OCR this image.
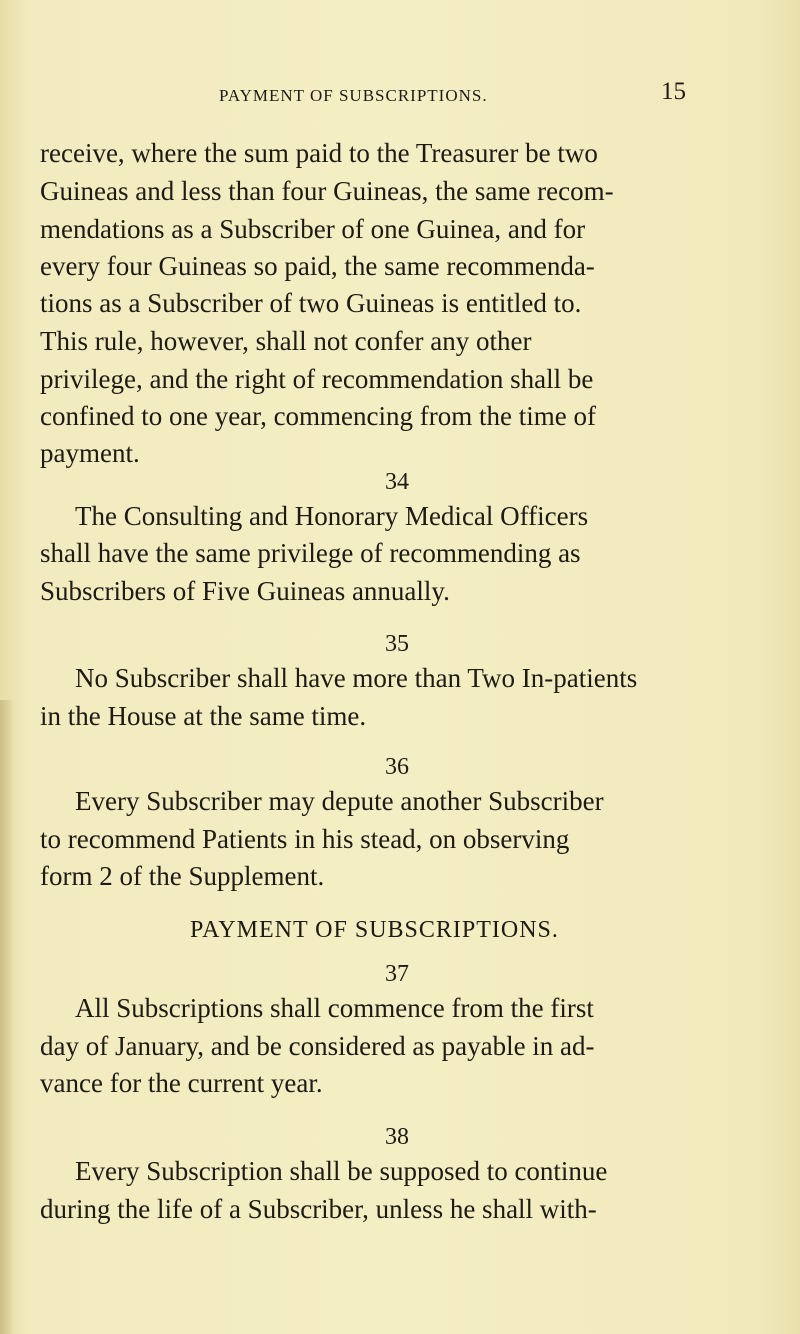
PAYMENT OF SUBSCRIPTIONS.	15
receive, where the sum paid to the Treasurer be two
Guineas and less than four Guineas, the same recom-
mendations as a Subscriber of one Guinea, and for
every four Guineas so paid, the same recommenda-
tions as a Subscriber of two Guineas is entitled to.
This rule, however, shall not confer any other
privilege, and the right of recommendation shall be
confined to one year, commencing from the time of
payment.
34
The Consulting and Honorary Medical Officers
shall have the same privilege of recommending as
Subscribers of Five Guineas annually.
35
No Subscriber shall have more than Two In-patients
in the House at the same time.
36
Every Subscriber may depute another Subscriber
to recommend Patients in his stead, on observing
form 2 of the Supplement.
PAYMENT OF SUBSCRIPTIONS.
37
All Subscriptions shall commence from the first
day of January, and be considered as payable in ad-
vance for the current year.
38
Every Subscription shall be supposed to continue
during the life of a Subscriber, unless he shall with-
